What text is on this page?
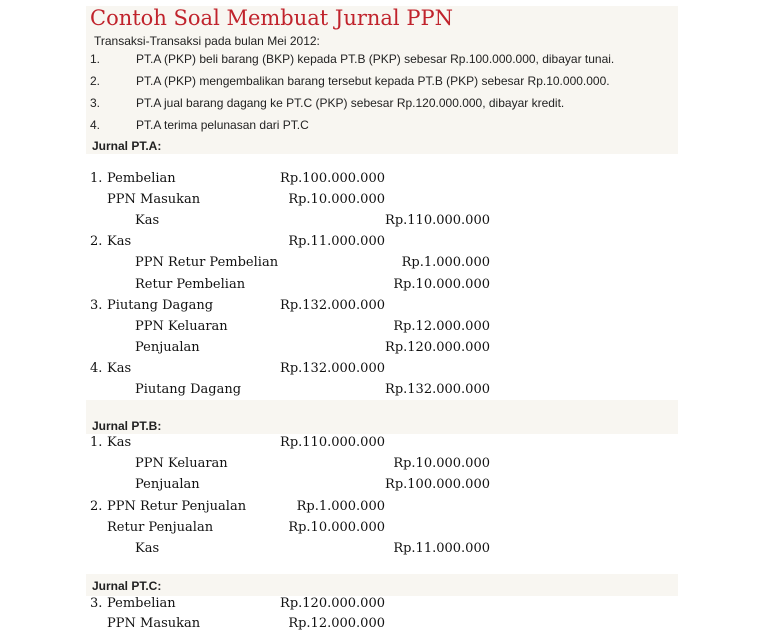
Contoh Soal Membuat Jurnal PPN
Transaksi-Transaksi pada bulan Mei 2012:
1.	PT.A (PKP) beli barang (BKP) kepada PT.B (PKP) sebesar Rp.100.000.000, dibayar tunai.
2.	PT.A (PKP) mengembalikan barang tersebut kepada PT.B (PKP) sebesar Rp.10.000.000.
3.	PT.A jual barang dagang ke PT.C (PKP) sebesar Rp.120.000.000, dibayar kredit.
4.	PT.A terima pelunasan dari PT.C
Jurnal PT.A:
Jurnal PT.B:
Jurnal PT.C:
1. Pembelian	Rp.100.000.000
PPN Masukan	Rp.10.000.000
Kas	Rp.110.000.000
2. Kas	Rp.11.000.000
PPN Retur Pembelian	Rp.1.000.000
Retur Pembelian	Rp.10.000.000
3. Piutang Dagang	Rp.132.000.000
PPN Keluaran	Rp.12.000.000
Penjualan	Rp.120.000.000
4. Kas	Rp.132.000.000
Piutang Dagang	Rp.132.000.000
1. Kas	Rp.110.000.000
PPN Keluaran	Rp.10.000.000
Penjualan	Rp.100.000.000
2. PPN Retur Penjualan	Rp.1.000.000
Retur Penjualan	Rp.10.000.000
Kas	Rp.11.000.000
3. Pembelian	Rp.120.000.000
PPN Masukan	Rp.12.000.000
